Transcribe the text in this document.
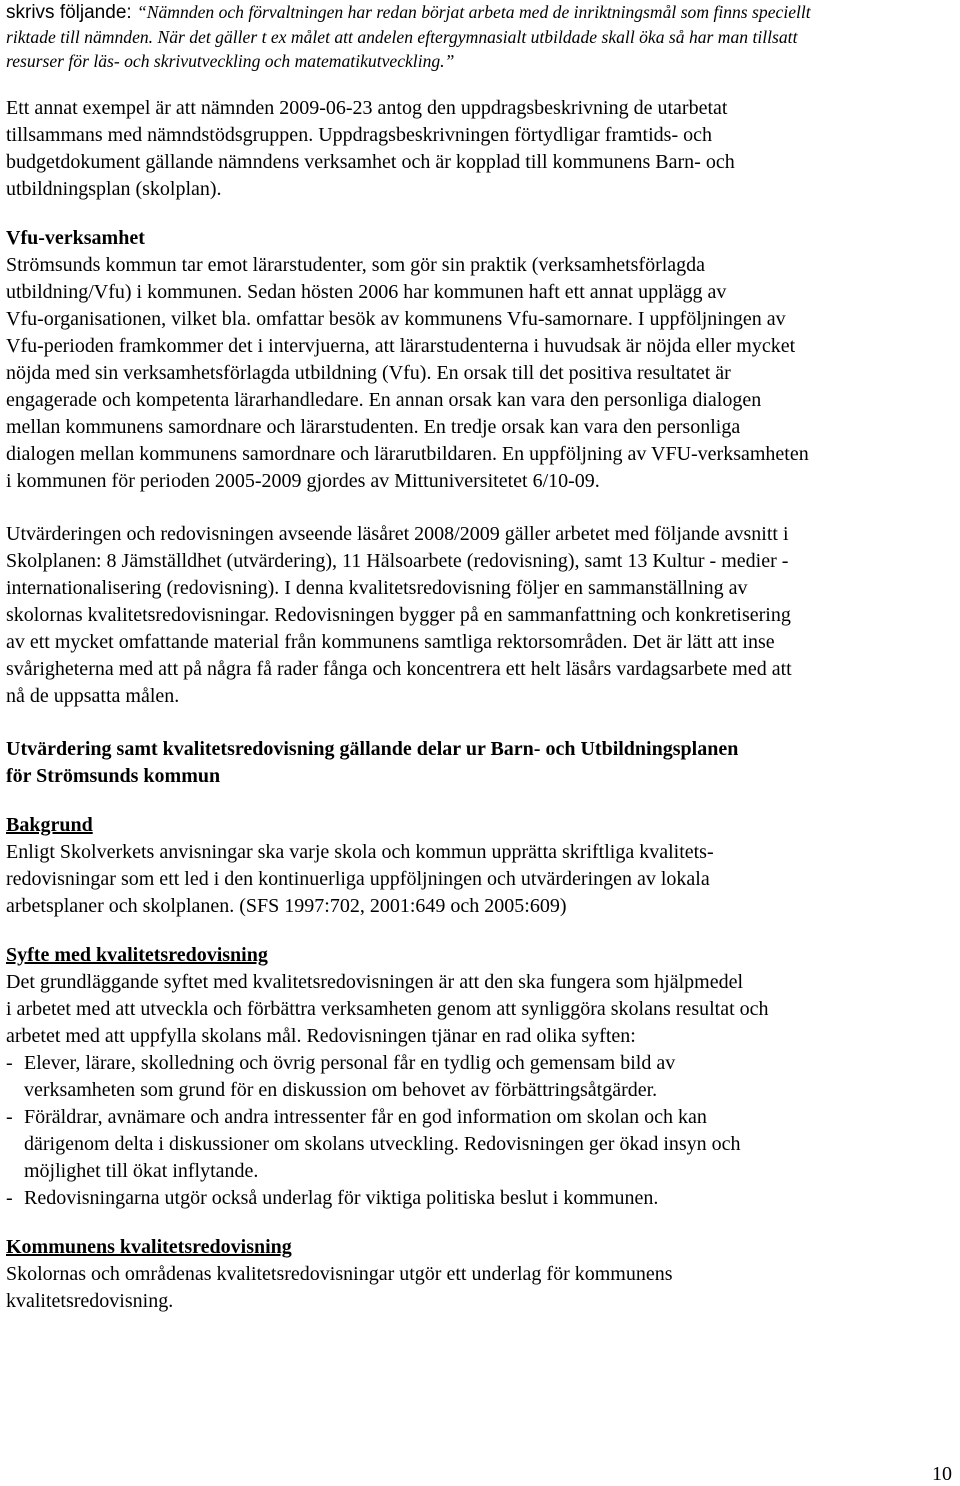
skrivs följande: “Nämnden och förvaltningen har redan börjat arbeta med de inriktningsmål som finns speciellt
riktade till nämnden. När det gäller t ex målet att andelen eftergymnasialt utbildade skall öka så har man tillsatt
resurser för läs- och skrivutveckling och matematikutveckling.”
Ett annat exempel är att nämnden 2009-06-23 antog den uppdragsbeskrivning de utarbetat
tillsammans med nämndstödsgruppen. Uppdragsbeskrivningen förtydligar framtids- och
budgetdokument gällande nämndens verksamhet och är kopplad till kommunens Barn- och
utbildningsplan (skolplan).
Vfu-verksamhet
Strömsunds kommun tar emot lärarstudenter, som gör sin praktik (verksamhetsförlagda
utbildning/Vfu) i kommunen. Sedan hösten 2006 har kommunen haft ett annat upplägg av
Vfu-organisationen, vilket bla. omfattar besök av kommunens Vfu-samornare. I uppföljningen av
Vfu-perioden framkommer det i intervjuerna, att lärarstudenterna i huvudsak är nöjda eller mycket
nöjda med sin verksamhetsförlagda utbildning (Vfu). En orsak till det positiva resultatet är
engagerade och kompetenta lärarhandledare. En annan orsak kan vara den personliga dialogen
mellan kommunens samordnare och lärarstudenten. En tredje orsak kan vara den personliga
dialogen mellan kommunens samordnare och lärarutbildaren. En uppföljning av VFU-verksamheten
i kommunen för perioden 2005-2009 gjordes av Mittuniversitetet 6/10-09.
Utvärderingen och redovisningen avseende läsåret 2008/2009 gäller arbetet med följande avsnitt i
Skolplanen: 8 Jämställdhet (utvärdering), 11 Hälsoarbete (redovisning), samt 13 Kultur - medier -
internationalisering (redovisning). I denna kvalitetsredovisning följer en sammanställning av
skolornas kvalitetsredovisningar. Redovisningen bygger på en sammanfattning och konkretisering
av ett mycket omfattande material från kommunens samtliga rektorsområden. Det är lätt att inse
svårigheterna med att på några få rader fånga och koncentrera ett helt läsårs vardagsarbete med att
nå de uppsatta målen.
Utvärdering samt kvalitetsredovisning gällande delar ur Barn- och Utbildningsplanen
för Strömsunds kommun
Bakgrund
Enligt Skolverkets anvisningar ska varje skola och kommun upprätta skriftliga kvalitets-
redovisningar som ett led i den kontinuerliga uppföljningen och utvärderingen av lokala
arbetsplaner och skolplanen. (SFS 1997:702, 2001:649 och 2005:609)
Syfte med kvalitetsredovisning
Det grundläggande syftet med kvalitetsredovisningen är att den ska fungera som hjälpmedel
i arbetet med att utveckla och förbättra verksamheten genom att synliggöra skolans resultat och
arbetet med att uppfylla skolans mål. Redovisningen tjänar en rad olika syften:
- Elever, lärare, skolledning och övrig personal får en tydlig och gemensam bild av
verksamheten som grund för en diskussion om behovet av förbättringsåtgärder.
- Föräldrar, avnämare och andra intressenter får en god information om skolan och kan
därigenom delta i diskussioner om skolans utveckling. Redovisningen ger ökad insyn och
möjlighet till ökat inflytande.
- Redovisningarna utgör också underlag för viktiga politiska beslut i kommunen.
Kommunens kvalitetsredovisning
Skolornas och områdenas kvalitetsredovisningar utgör ett underlag för kommunens
kvalitetsredovisning.
10
